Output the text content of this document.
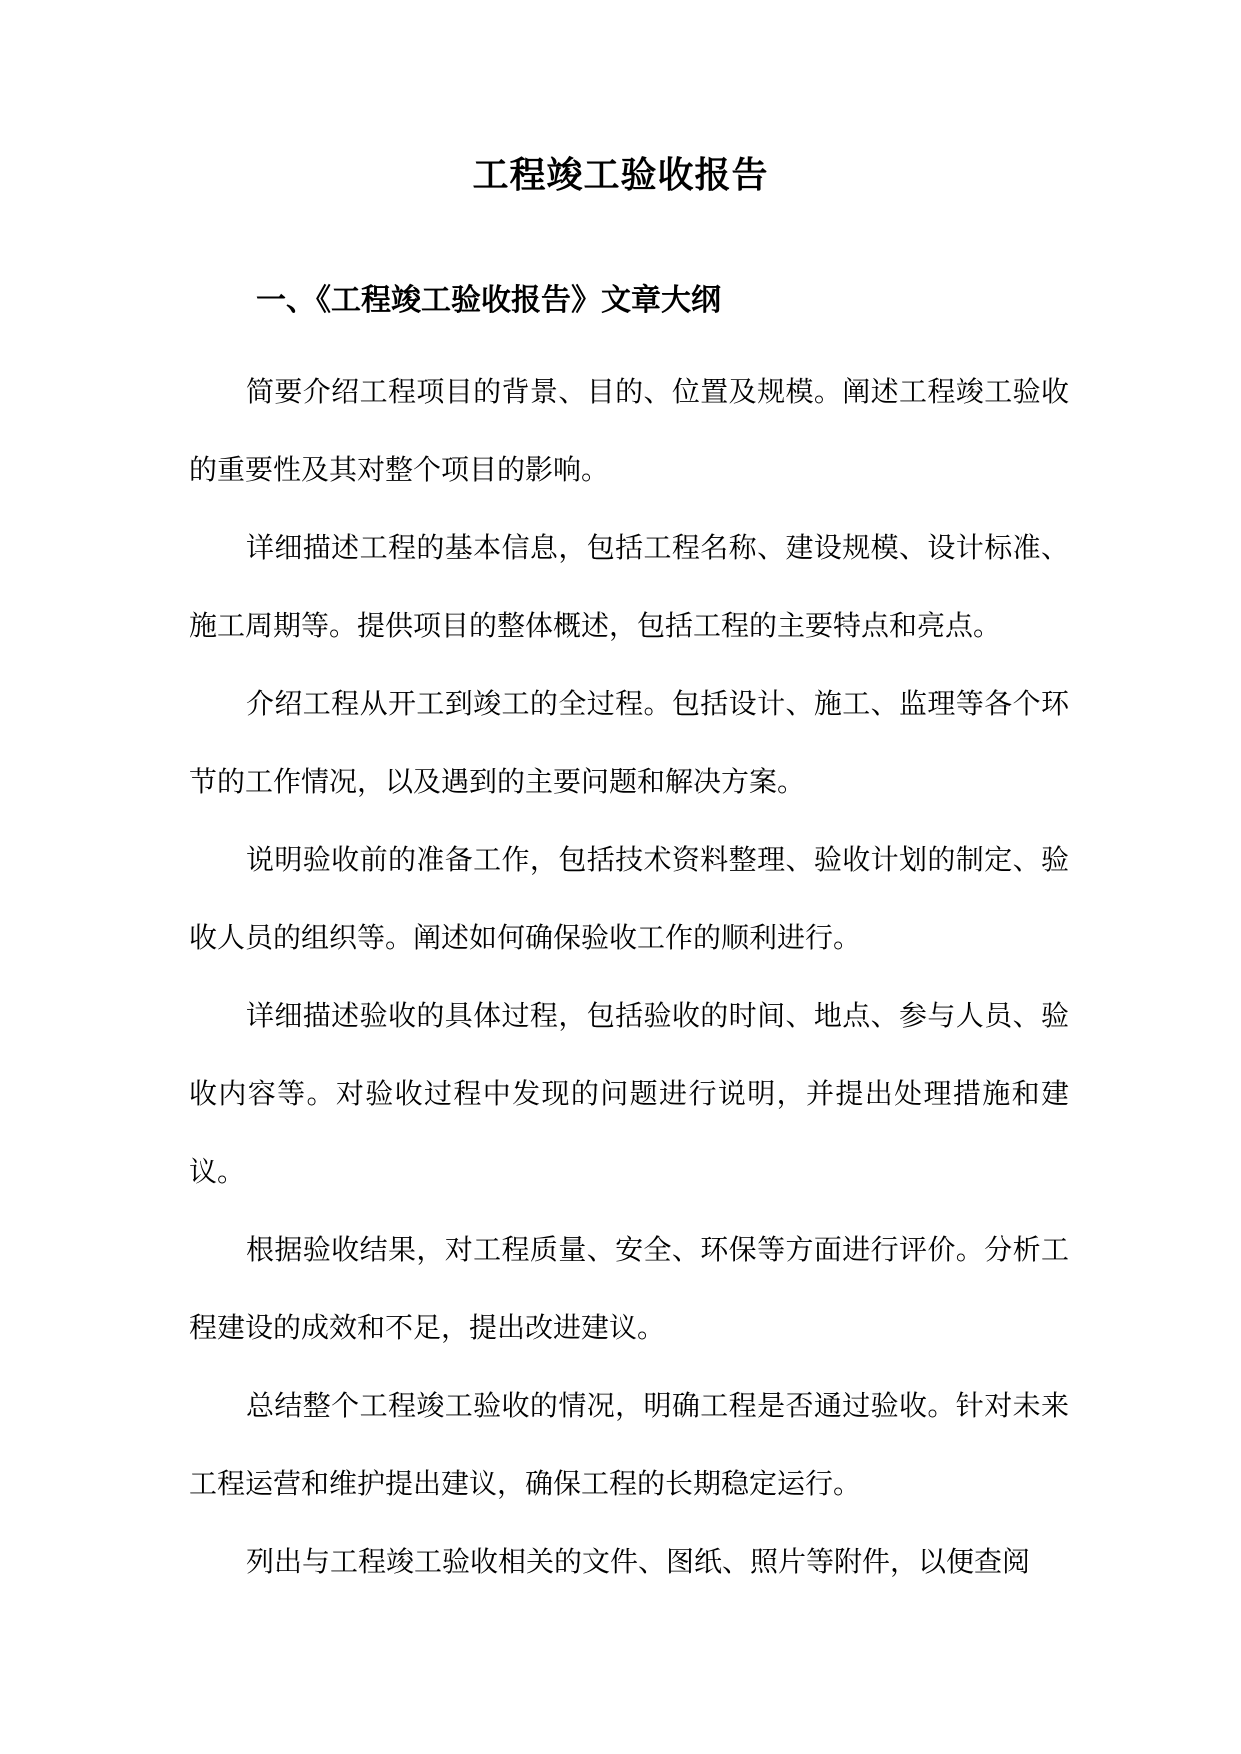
工程竣工验收报告
一、《工程竣工验收报告》文章大纲

简要介绍工程项目的背景、目的、位置及规模。阐述工程竣工验收的重要性及其对整个项目的影响。

详细描述工程的基本信息，包括工程名称、建设规模、设计标准、施工周期等。提供项目的整体概述，包括工程的主要特点和亮点。

介绍工程从开工到竣工的全过程。包括设计、施工、监理等各个环节的工作情况，以及遇到的主要问题和解决方案。

说明验收前的准备工作，包括技术资料整理、验收计划的制定、验收人员的组织等。阐述如何确保验收工作的顺利进行。

详细描述验收的具体过程，包括验收的时间、地点、参与人员、验收内容等。对验收过程中发现的问题进行说明，并提出处理措施和建议。

根据验收结果，对工程质量、安全、环保等方面进行评价。分析工程建设的成效和不足，提出改进建议。

总结整个工程竣工验收的情况，明确工程是否通过验收。针对未来工程运营和维护提出建议，确保工程的长期稳定运行。

列出与工程竣工验收相关的文件、图纸、照片等附件，以便查阅
